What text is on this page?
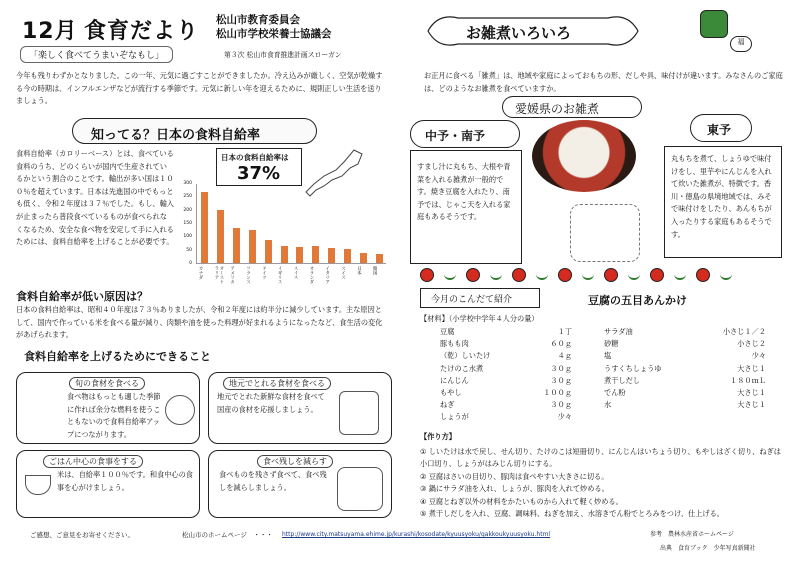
12月 食育だより 松山市教育委員会
松山市学校栄養士協議会
「楽しく食べてうまいぞなもし」	第３次 松山市食育推進計画スローガン
今年も残りわずかとなりました。この一年、元気に過ごすことができましたか。冷え込みが厳しく、空気が乾燥する今の時期は、インフルエンザなどが流行する季節です。元気に新しい年を迎えるために、規則正しい生活を送りましょう。
知ってる？日本の食料自給率
食料自給率（カロリーベース）とは、食べている食料のうち、どのくらいが国内で生産されているかという割合のことです。輸出が多い国は１００％を超えています。日本は先進国の中でもっとも低く、令和２年度は３７％でした。もし、輸入が止まったら普段食べているものが食べられなくなるため、安全な食べ物を安定して手に入れるためには、食料自給率を上げることが必要です。
日本の食料自給率は
37%
300
250
200
150
100
50
0
カナダ	オーストラリア	アメリカ フランス ドイツ イギリス スイス オランダ イタリア スイス 日本 韓国
食料自給率が低い原因は？
日本の食料自給率は、昭和４０年度は７３％ありましたが、令和２年度には約半分に減少しています。主な原因として、国内で作っている米を食べる量が減り、肉類や油を使った料理が好まれるようになったなど、食生活の変化があげられます。
食料自給率を上げるためにできること
旬の食材を食べる
食べ物はもっとも適した季節に作れば余分な燃料を使うこともないので食料自給率アップにつながります。
地元でとれる食材を食べる
地元でとれた新鮮な食材を食べて国産の食材を応援しましょう。
ごはん中心の食事をする
米は、自給率１００％です。和食中心の食事を心がけましょう。
食べ残しを減らす
食べものを残さず食べて、食べ残しを減らしましょう。
ご感想、ご意見をお寄せください。	松山市のホームページ　・・・ http://www.city.matsuyama.ehime.jp/kurashi/kosodate/kyuusyoku/gakkoukyuusyoku.html
お雑煮いろいろ	福
お正月に食べる「雑煮」は、地域や家庭によっておもちの形、だしや具、味付けが違います。みなさんのご家庭は、どのようなお雑煮を食べていますか。
愛媛県のお雑煮
中予・南予
すまし汁に丸もち、大根や青菜を入れる雑煮が一般的です。焼き豆腐を入れたり、南予では、じゃこ天を入れる家庭もあるそうです。
東予
丸もちを煮て、しょうゆで味付けをし、里芋やにんじんを入れて炊いた雑煮が、特徴です。香川・徳島の県境地域では、みそで味付けをしたり、あんもちが入ったりする家庭もあるそうです。
今月のこんだて紹介	豆腐の五目あんかけ
【材料】（小学校中学年４人分の量）
豆腐	１丁
豚もも肉	６０ｇ
（乾）しいたけ	４ｇ
たけのこ水煮	３０ｇ
にんじん	３０ｇ
もやし	１００ｇ
ねぎ	３０ｇ
しょうが	少々
サラダ油	小さじ１／２
砂糖	小さじ２
塩	少々
うすくちしょうゆ	大さじ１
煮干しだし	１８０ｍＬ
でん粉	大さじ１
水	大さじ１
【作り方】
① しいたけは水で戻し、せん切り、たけのこは短冊切り、にんじんはいちょう切り、もやしはざく切り、ねぎは小口切り、しょうがはみじん切りにする。
② 豆腐はさいの目切り、豚肉は食べやすい大きさに切る。
③ 鍋にサラダ油を入れ、しょうが、豚肉を入れて炒める。
④ 豆腐とねぎ以外の材料をかたいものから入れて軽く炒める。
⑤ 煮干しだしを入れ、豆腐、調味料、ねぎを加え、水溶きでん粉でとろみをつけ、仕上げる。
参考　農林水産省ホームページ
出典　食育ブック　少年写真新聞社
